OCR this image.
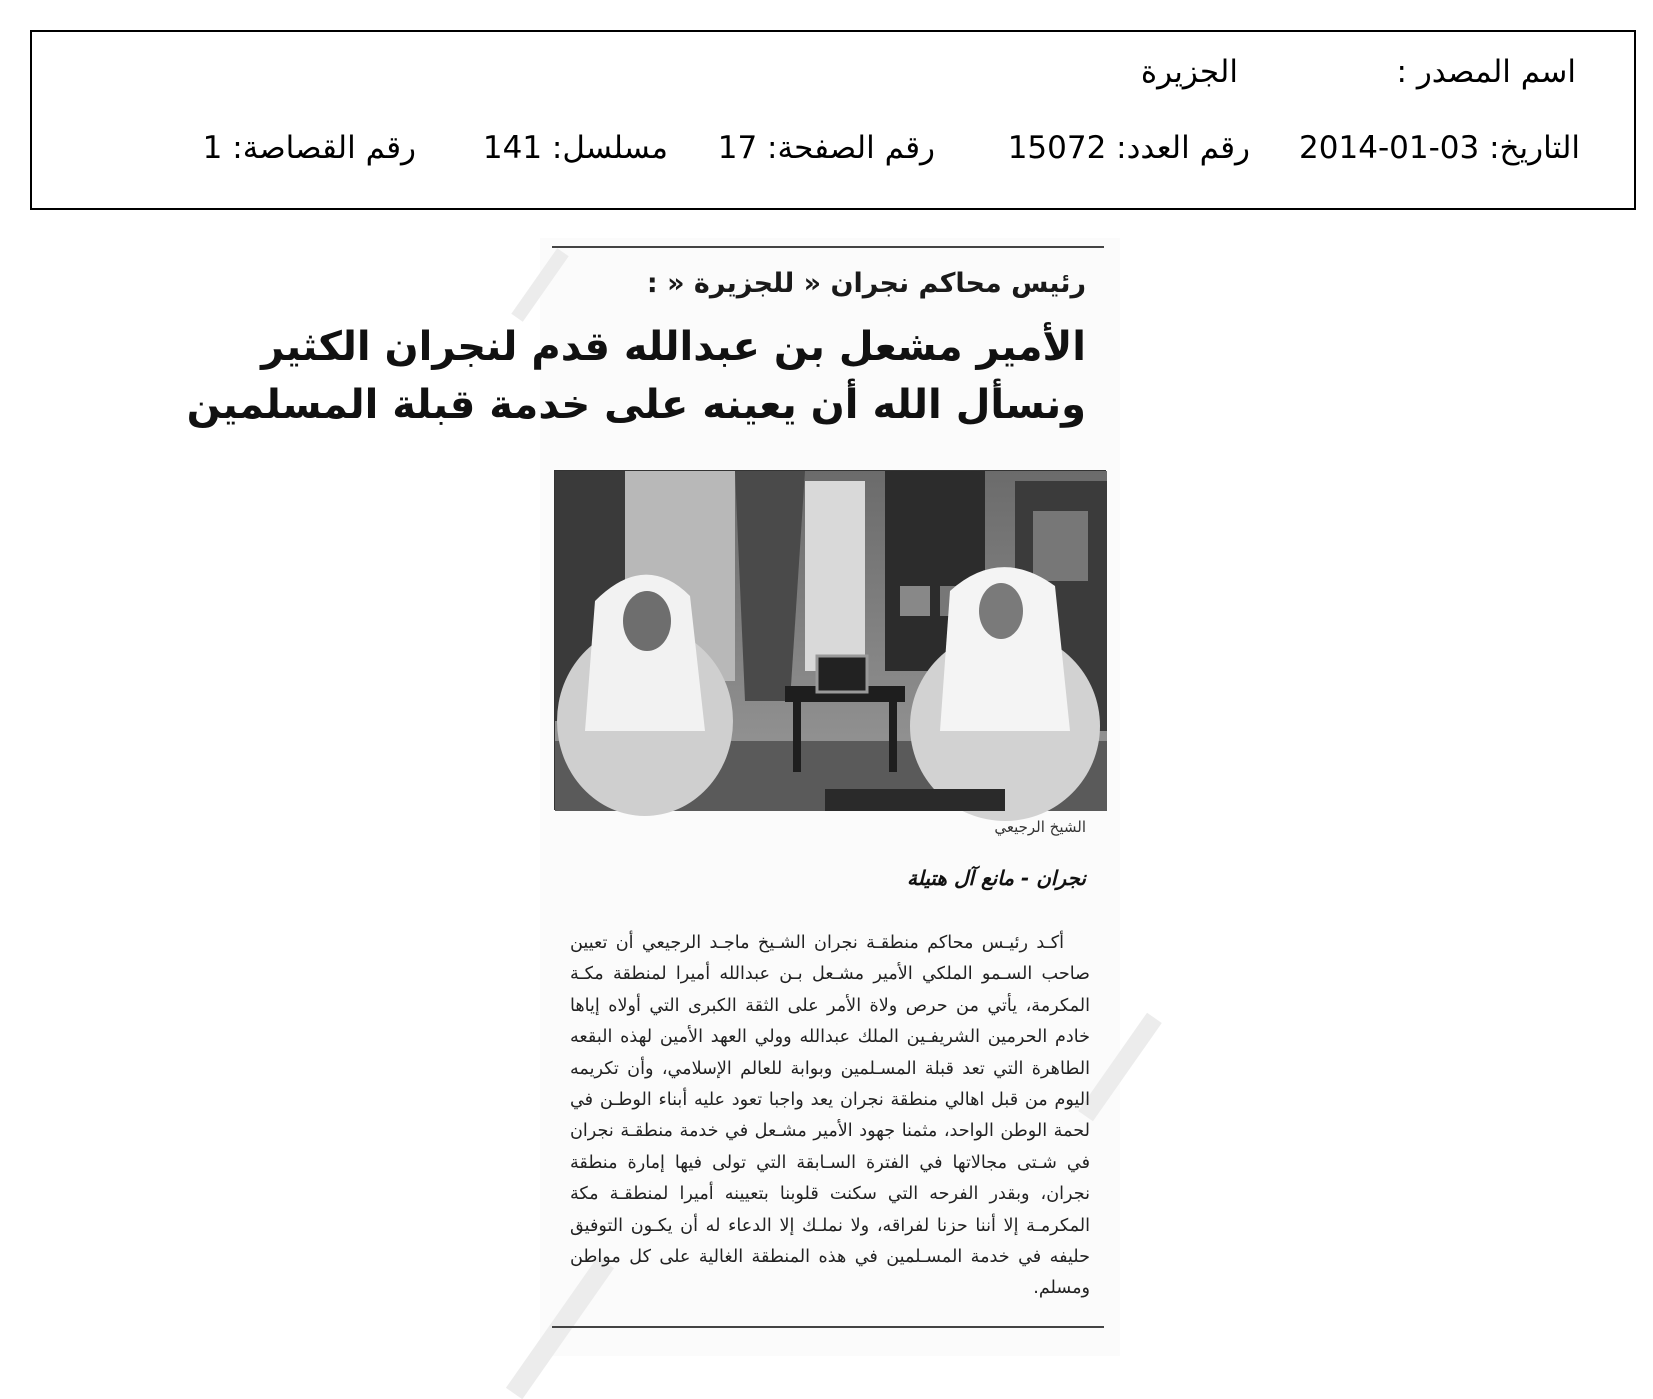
اسم المصدر :
الجزيرة
التاريخ: 03-01-2014
رقم العدد: 15072
رقم الصفحة: 17
مسلسل: 141
رقم القصاصة: 1
رئيس محاكم نجران « للجزيرة « :
الأمير مشعل بن عبدالله قدم لنجران الكثير
ونسأل الله أن يعينه على خدمة قبلة المسلمين
الشيخ الرجيعي
نجران - مانع آل هتيلة

أكـد رئيـس محاكم منطقـة نجران الشـيخ ماجـد الرجيعي أن تعيين صاحب السـمو الملكي الأمير مشـعل بـن عبدالله أميرا لمنطقة مكـة المكرمة، يأتي من حرص ولاة الأمر على الثقة الكبرى التي أولاه إياها خادم الحرمين الشريفـين الملك عبدالله وولي العهد الأمين لهذه البقعه الطاهرة التي تعد قبلة المسـلمين وبوابة للعالم الإسلامي، وأن تكريمه اليوم من قبل اهالي منطقة نجران يعد واجبا تعود عليه أبناء الوطـن في لحمة الوطن الواحد، مثمنا جهود الأمير مشـعل في خدمة منطقـة نجران في شـتى مجالاتها في الفترة السـابقة التي تولى فيها إمارة منطقة نجران، وبقدر الفرحه التي سكنت قلوبنا بتعيينه أميرا لمنطقـة مكة المكرمـة إلا أننا حزنا لفراقه، ولا نملـك إلا الدعاء له أن يكـون التوفيق حليفه في خدمة المسـلمين في هذه المنطقة الغالية على كل مواطن ومسلم.
